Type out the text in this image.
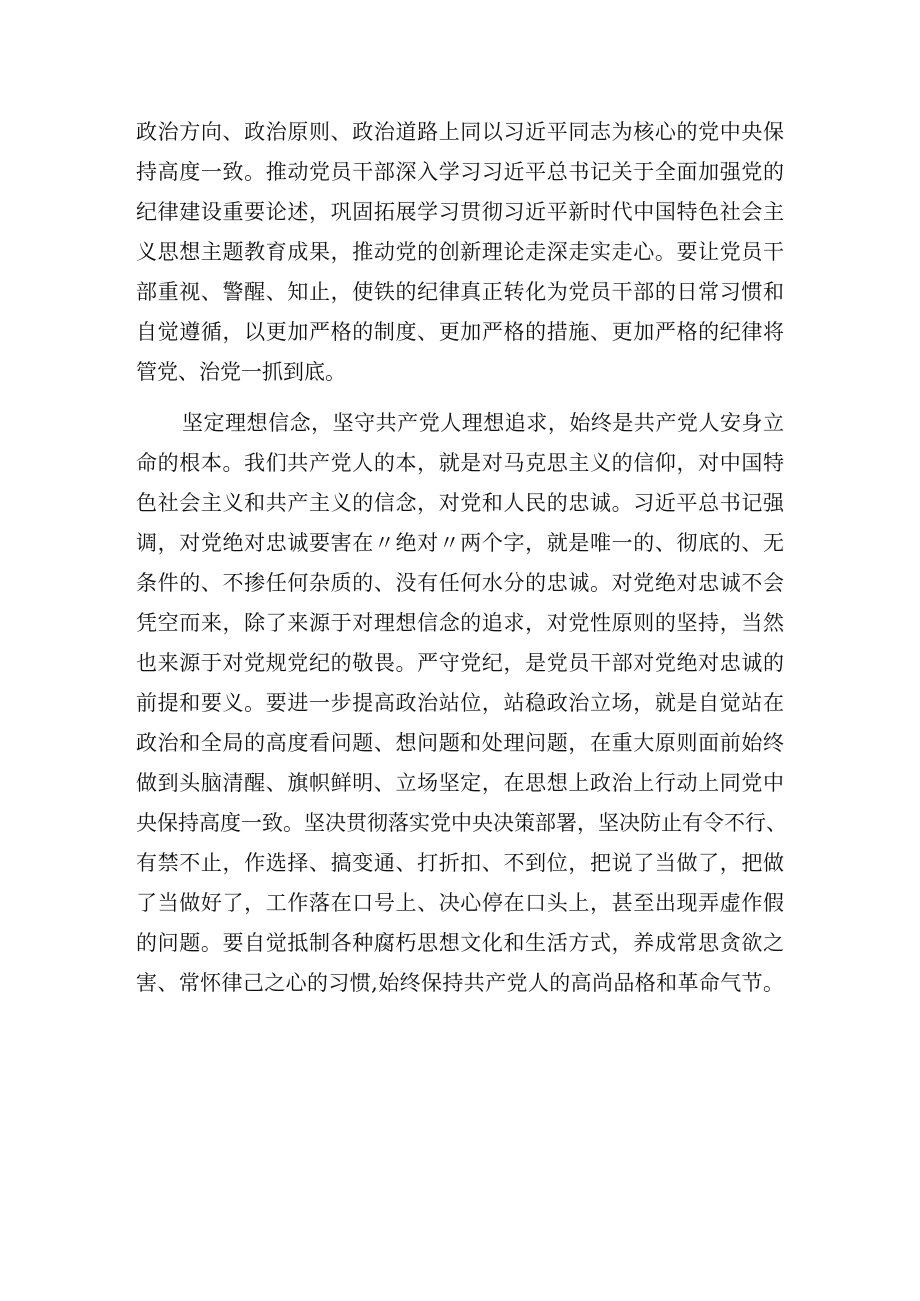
政治方向、政治原则、政治道路上同以习近平同志为核心的党中央保
持高度一致。推动党员干部深入学习习近平总书记关于全面加强党的
纪律建设重要论述，巩固拓展学习贯彻习近平新时代中国特色社会主
义思想主题教育成果，推动党的创新理论走深走实走心。要让党员干
部重视、警醒、知止，使铁的纪律真正转化为党员干部的日常习惯和
自觉遵循，以更加严格的制度、更加严格的措施、更加严格的纪律将
管党、治党一抓到底。
坚定理想信念，坚守共产党人理想追求，始终是共产党人安身立
命的根本。我们共产党人的本，就是对马克思主义的信仰，对中国特
色社会主义和共产主义的信念，对党和人民的忠诚。习近平总书记强
调，对党绝对忠诚要害在〃绝对〃两个字，就是唯一的、彻底的、无
条件的、不掺任何杂质的、没有任何水分的忠诚。对党绝对忠诚不会
凭空而来，除了来源于对理想信念的追求，对党性原则的坚持，当然
也来源于对党规党纪的敬畏。严守党纪，是党员干部对党绝对忠诚的
前提和要义。要进一步提高政治站位，站稳政治立场，就是自觉站在
政治和全局的高度看问题、想问题和处理问题，在重大原则面前始终
做到头脑清醒、旗帜鲜明、立场坚定，在思想上政治上行动上同党中
央保持高度一致。坚决贯彻落实党中央决策部署，坚决防止有令不行、
有禁不止，作选择、搞变通、打折扣、不到位，把说了当做了，把做
了当做好了，工作落在口号上、决心停在口头上，甚至出现弄虚作假
的问题。要自觉抵制各种腐朽思想文化和生活方式，养成常思贪欲之
害、常怀律己之心的习惯,始终保持共产党人的高尚品格和革命气节。
